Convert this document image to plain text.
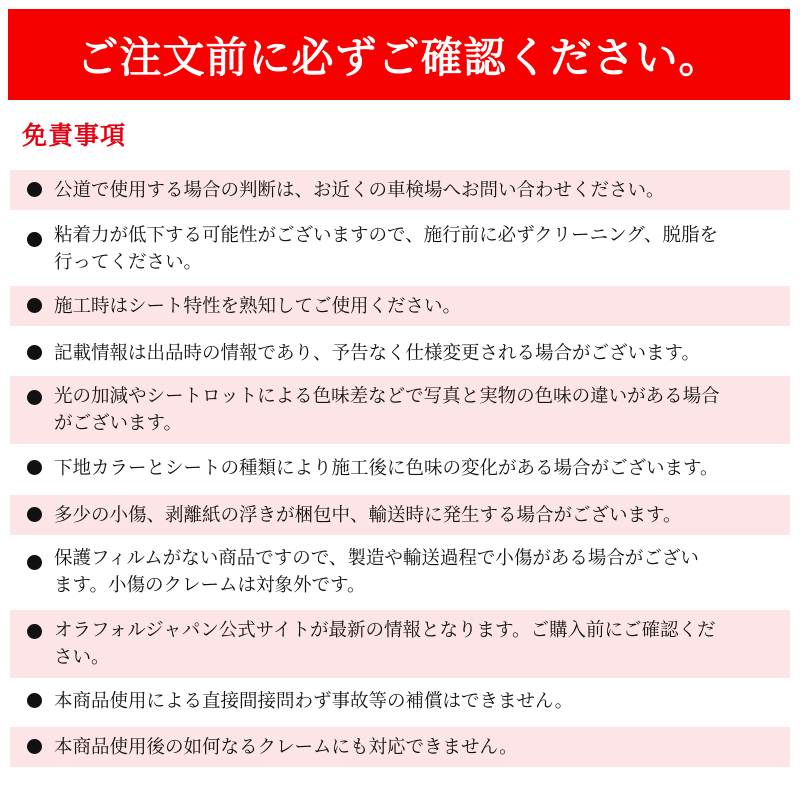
ご注文前に必ずご確認ください。
免責事項
公道で使用する場合の判断は、お近くの車検場へお問い合わせください。
粘着力が低下する可能性がございますので、施行前に必ずクリーニング、脱脂を
行ってください。
施工時はシート特性を熟知してご使用ください。
記載情報は出品時の情報であり、予告なく仕様変更される場合がございます。
光の加減やシートロットによる色味差などで写真と実物の色味の違いがある場合
がございます。
下地カラーとシートの種類により施工後に色味の変化がある場合がございます。
多少の小傷、剥離紙の浮きが梱包中、輸送時に発生する場合がございます。
保護フィルムがない商品ですので、製造や輸送過程で小傷がある場合がござい
ます。小傷のクレームは対象外です。
オラフォルジャパン公式サイトが最新の情報となります。ご購入前にご確認くだ
さい。
本商品使用による直接間接問わず事故等の補償はできません。
本商品使用後の如何なるクレームにも対応できません。
